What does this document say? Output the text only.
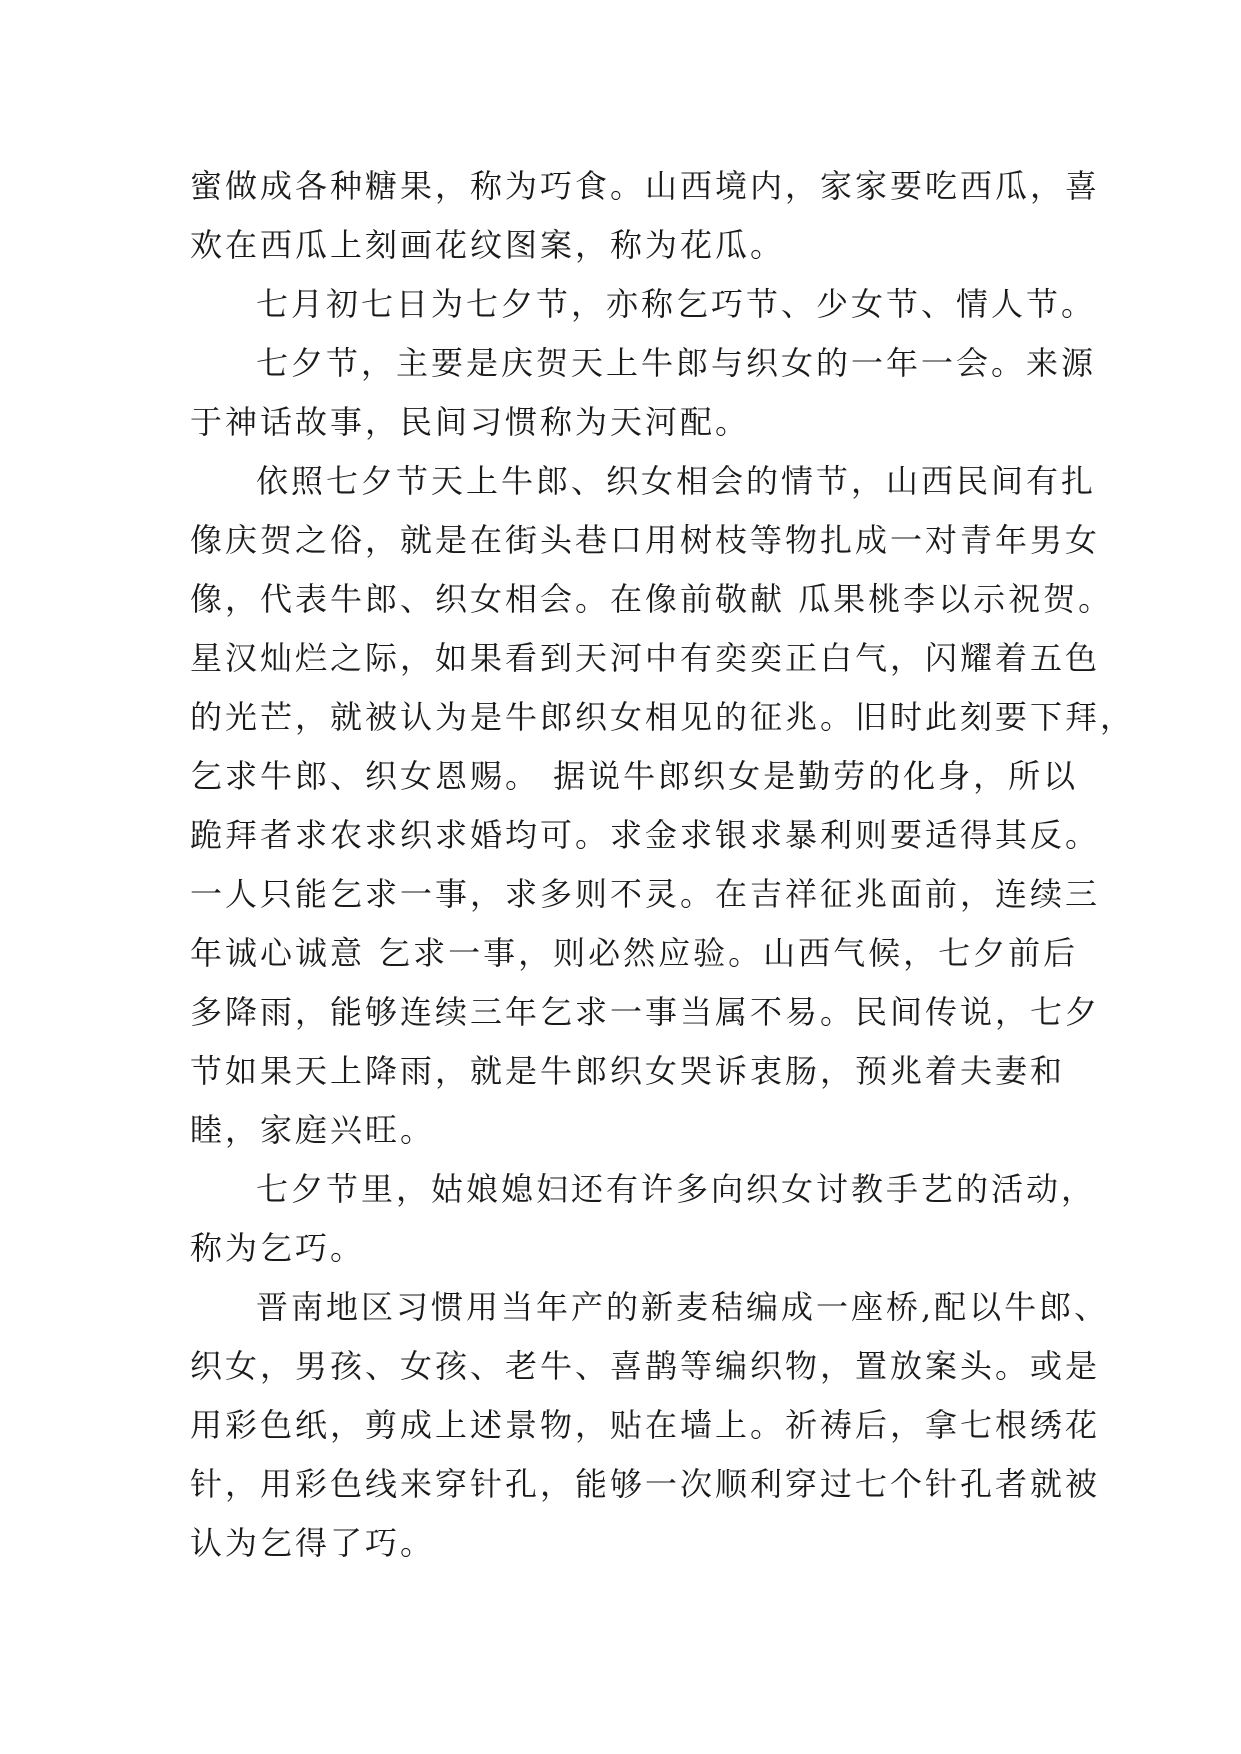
蜜做成各种糖果，称为巧食。山西境内，家家要吃西瓜，喜
欢在西瓜上刻画花纹图案，称为花瓜。
七月初七日为七夕节，亦称乞巧节、少女节、情人节。
七夕节，主要是庆贺天上牛郎与织女的一年一会。来源
于神话故事，民间习惯称为天河配。
依照七夕节天上牛郎、织女相会的情节，山西民间有扎
像庆贺之俗，就是在街头巷口用树枝等物扎成一对青年男女
像，代表牛郎、织女相会。在像前敬献 瓜果桃李以示祝贺。
星汉灿烂之际，如果看到天河中有奕奕正白气，闪耀着五色
的光芒，就被认为是牛郎织女相见的征兆。旧时此刻要下拜，
乞求牛郎、织女恩赐。 据说牛郎织女是勤劳的化身，所以
跪拜者求农求织求婚均可。求金求银求暴利则要适得其反。
一人只能乞求一事，求多则不灵。在吉祥征兆面前，连续三
年诚心诚意 乞求一事，则必然应验。山西气候，七夕前后
多降雨，能够连续三年乞求一事当属不易。民间传说，七夕
节如果天上降雨，就是牛郎织女哭诉衷肠，预兆着夫妻和
睦，家庭兴旺。
七夕节里，姑娘媳妇还有许多向织女讨教手艺的活动，
称为乞巧。
晋南地区习惯用当年产的新麦秸编成一座桥,配以牛郎、
织女，男孩、女孩、老牛、喜鹊等编织物，置放案头。或是
用彩色纸，剪成上述景物，贴在墙上。祈祷后，拿七根绣花
针，用彩色线来穿针孔，能够一次顺利穿过七个针孔者就被
认为乞得了巧。
